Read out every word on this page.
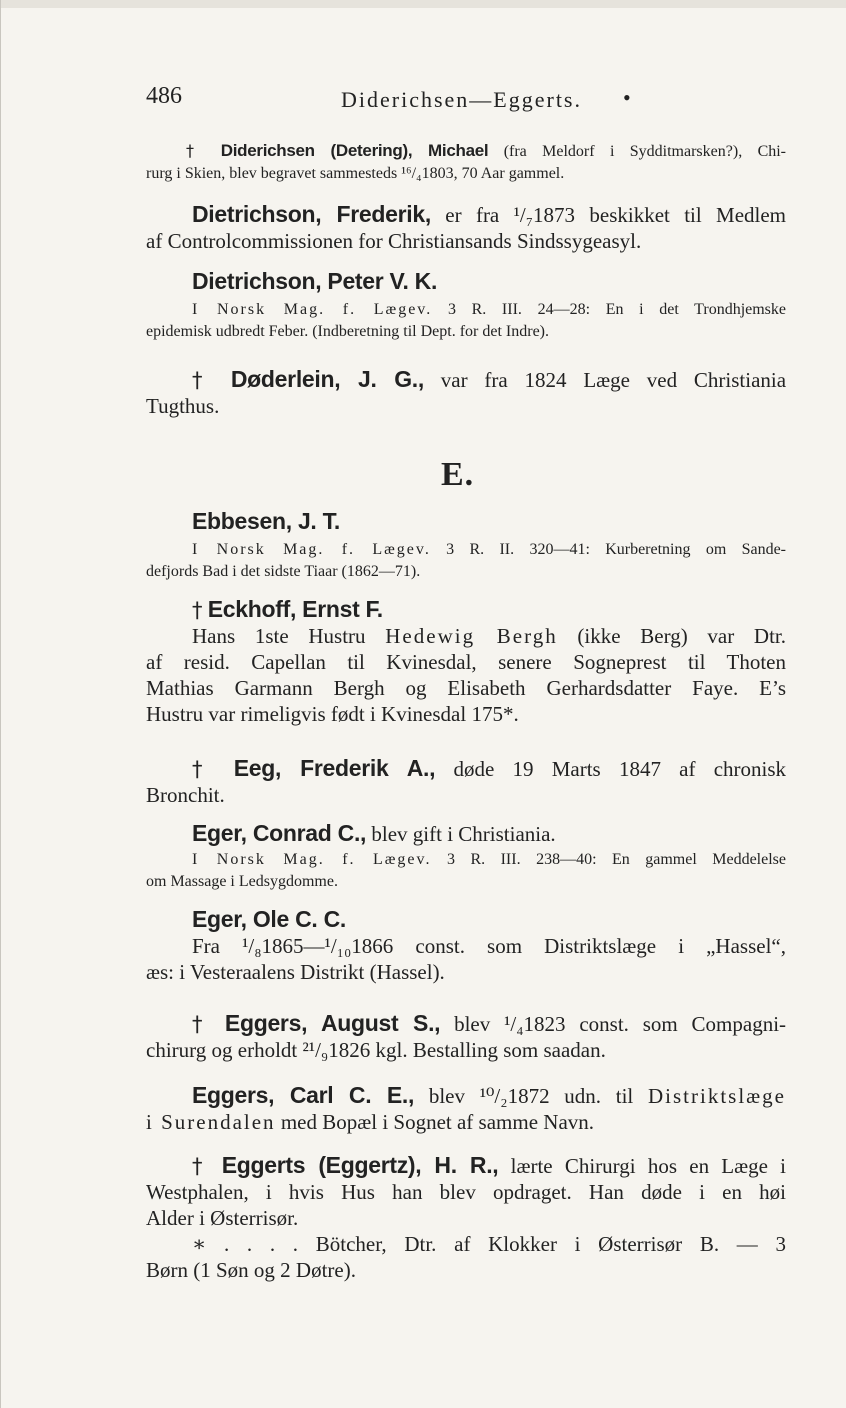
486	Diderichsen—Eggerts. •
† Diderichsen (Detering), Michael (fra Meldorf i Sydditmarsken?), Chi-
rurg i Skien, blev begravet sammesteds ¹⁶/₄1803, 70 Aar gammel.
Dietrichson, Frederik, er fra ¹/₇1873 beskikket til Medlem
af Controlcommissionen for Christiansands Sindssygeasyl.
Dietrichson, Peter V. K.
I Norsk Mag. f. Lægev. 3 R. III. 24—28: En i det Trondhjemske
epidemisk udbredt Feber. (Indberetning til Dept. for det Indre).
† Døderlein, J. G., var fra 1824 Læge ved Christiania
Tugthus.
E.
Ebbesen, J. T.
I Norsk Mag. f. Lægev. 3 R. II. 320—41: Kurberetning om Sande-
defjords Bad i det sidste Tiaar (1862—71).
† Eckhoff, Ernst F.
Hans 1ste Hustru Hedewig Bergh (ikke Berg) var Dtr.
af resid. Capellan til Kvinesdal, senere Sogneprest til Thoten
Mathias Garmann Bergh og Elisabeth Gerhardsdatter Faye. E’s
Hustru var rimeligvis født i Kvinesdal 175*.
† Eeg, Frederik A., døde 19 Marts 1847 af chronisk
Bronchit.
Eger, Conrad C., blev gift i Christiania.
I Norsk Mag. f. Lægev. 3 R. III. 238—40: En gammel Meddelelse
om Massage i Ledsygdomme.
Eger, Ole C. C.
Fra ¹/₈1865—¹/₁₀1866 const. som Distriktslæge i „Hassel“,
æs: i Vesteraalens Distrikt (Hassel).
† Eggers, August S., blev ¹/₄1823 const. som Compagni-
chirurg og erholdt ²¹/₉1826 kgl. Bestalling som saadan.
Eggers, Carl C. E., blev ¹⁰/₂1872 udn. til Distriktslæge
i Surendalen med Bopæl i Sognet af samme Navn.
† Eggerts (Eggertz), H. R., lærte Chirurgi hos en Læge i
Westphalen, i hvis Hus han blev opdraget. Han døde i en høi
Alder i Østerrisør.
∗ . . . . Bötcher, Dtr. af Klokker i Østerrisør B. — 3
Børn (1 Søn og 2 Døtre).
